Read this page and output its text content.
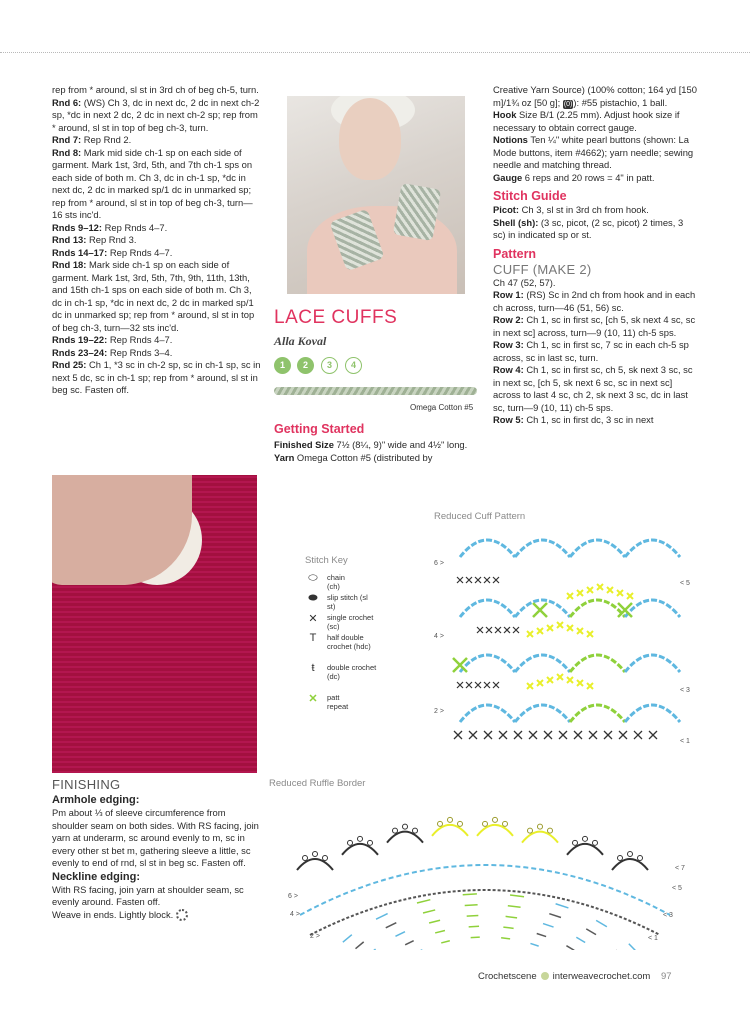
rep from * around, sl st in 3rd ch of beg ch-5, turn.

Rnd 6: (WS) Ch 3, dc in next dc, 2 dc in next ch-2 sp, *dc in next 2 dc, 2 dc in next ch-2 sp; rep from * around, sl st in top of beg ch-3, turn.

Rnd 7: Rep Rnd 2.

Rnd 8: Mark mid side ch-1 sp on each side of garment. Mark 1st, 3rd, 5th, and 7th ch-1 sps on each side of both m. Ch 3, dc in ch-1 sp, *dc in next dc, 2 dc in marked sp/1 dc in unmarked sp; rep from * around, sl st in top of beg ch-3, turn—16 sts inc'd.

Rnds 9–12: Rep Rnds 4–7.

Rnd 13: Rep Rnd 3.

Rnds 14–17: Rep Rnds 4–7.

Rnd 18: Mark side ch-1 sp on each side of garment. Mark 1st, 3rd, 5th, 7th, 9th, 11th, 13th, and 15th ch-1 sps on each side of both m. Ch 3, dc in ch-1 sp, *dc in next dc, 2 dc in marked sp/1 dc in unmarked sp; rep from * around, sl st in top of beg ch-3, turn—32 sts inc'd.

Rnds 19–22: Rep Rnds 4–7.

Rnds 23–24: Rep Rnds 3–4.

Rnd 25: Ch 1, *3 sc in ch-2 sp, sc in ch-1 sp, sc in next 5 dc, sc in ch-1 sp; rep from * around, sl st in beg sc. Fasten off.

LACE CUFFS
Alla Koval
1	2	3	4
Omega Cotton #5

Getting Started

Finished Size 7½ (8¼, 9)" wide and 4½" long.

Yarn Omega Cotton #5 (distributed by

Creative Yarn Source) (100% cotton; 164 yd [150 m]/1¾ oz [50 g]; (0)): #55 pistachio, 1 ball.

Hook Size B/1 (2.25 mm). Adjust hook size if necessary to obtain correct gauge.

Notions Ten ¼" white pearl buttons (shown: La Mode buttons, item #4662); yarn needle; sewing needle and matching thread.

Gauge 6 reps and 20 rows = 4" in patt.

Stitch Guide

Picot: Ch 3, sl st in 3rd ch from hook.

Shell (sh): (3 sc, picot, (2 sc, picot) 2 times, 3 sc) in indicated sp or st.

Pattern

CUFF (MAKE 2)

Ch 47 (52, 57).

Row 1: (RS) Sc in 2nd ch from hook and in each ch across, turn—46 (51, 56) sc.

Row 2: Ch 1, sc in first sc, [ch 5, sk next 4 sc, sc in next sc] across, turn—9 (10, 11) ch-5 sps.

Row 3: Ch 1, sc in first sc, 7 sc in each ch-5 sp across, sc in last sc, turn.

Row 4: Ch 1, sc in first sc, ch 5, sk next 3 sc, sc in next sc, [ch 5, sk next 6 sc, sc in next sc] across to last 4 sc, ch 2, sk next 3 sc, dc in last sc, turn—9 (10, 11) ch-5 sps.

Row 5: Ch 1, sc in first dc, 3 sc in next

FINISHING

Armhole edging:

Pm about ⅓ of sleeve circumference from shoulder seam on both sides. With RS facing, join yarn at underarm, sc around evenly to m, sc in every other st bet m, gathering sleeve a little, sc evenly to end of rnd, sl st in beg sc. Fasten off.

Neckline edging:

With RS facing, join yarn at shoulder seam, sc evenly around. Fasten off.

Weave in ends. Lightly block.

Reduced Cuff Pattern
Reduced Ruffle Border
Stitch Key
⬭	chain (ch)
⬬	slip stitch (sl st)
✕	single crochet (sc)
T	half double crochet (hdc)
ŧ	double crochet (dc)
✕	patt repeat
6 >
4 >
2 >
< 5
< 3
< 1
6 >
4 >
2 >
< 7
< 5
< 3
< 1
Crochetscene interweavecrochet.com 97
